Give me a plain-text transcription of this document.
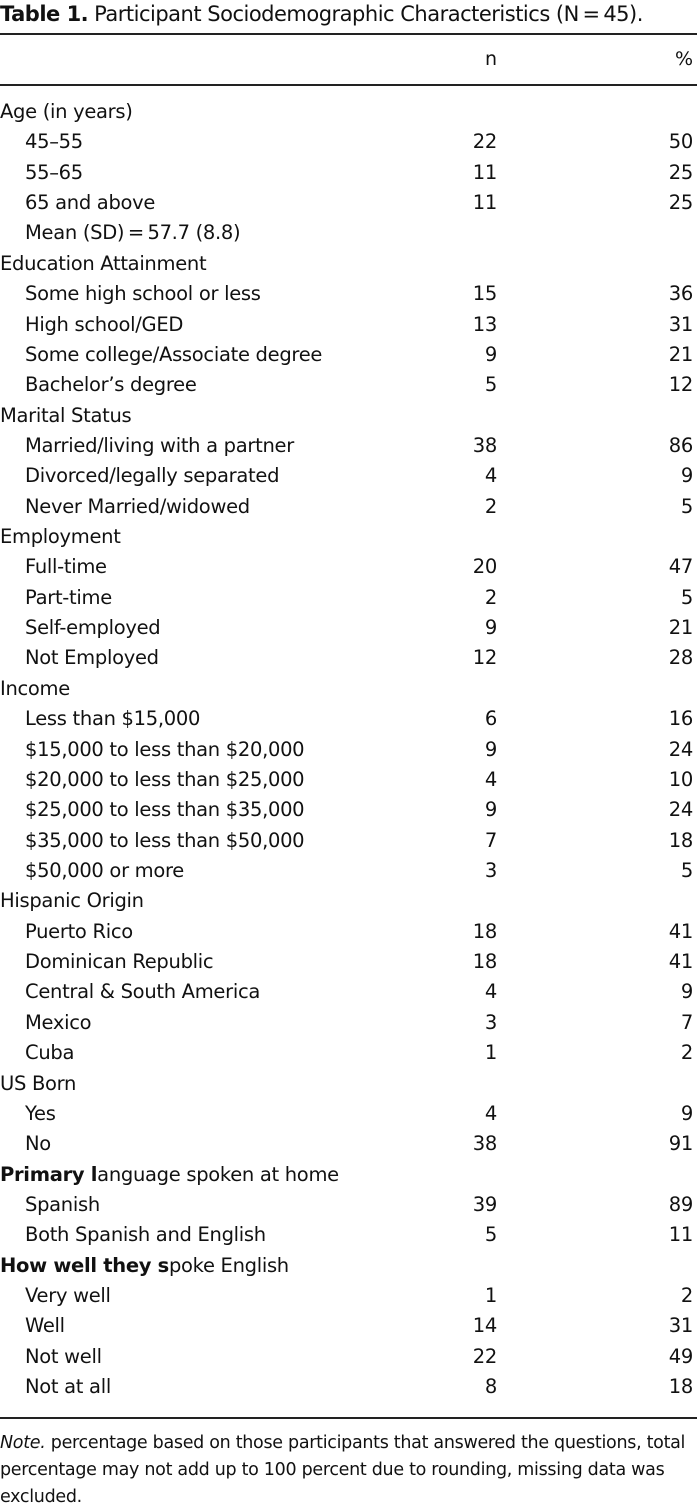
Table 1. Participant Sociodemographic Characteristics (N = 45).
n	%
Age (in years)
45–55	22	50
55–65	11	25
65 and above	11	25
Mean (SD) = 57.7 (8.8)
Education Attainment
Some high school or less	15	36
High school/GED	13	31
Some college/Associate degree	9	21
Bachelor’s degree	5	12
Marital Status
Married/living with a partner	38	86
Divorced/legally separated	4	9
Never Married/widowed	2	5
Employment
Full-time	20	47
Part-time	2	5
Self-employed	9	21
Not Employed	12	28
Income
Less than $15,000	6	16
$15,000 to less than $20,000	9	24
$20,000 to less than $25,000	4	10
$25,000 to less than $35,000	9	24
$35,000 to less than $50,000	7	18
$50,000 or more	3	5
Hispanic Origin
Puerto Rico	18	41
Dominican Republic	18	41
Central & South America	4	9
Mexico	3	7
Cuba	1	2
US Born
Yes	4	9
No	38	91
Primary language spoken at home
Spanish	39	89
Both Spanish and English	5	11
How well they spoke English
Very well	1	2
Well	14	31
Not well	22	49
Not at all	8	18
Note. percentage based on those participants that answered the questions, total percentage may not add up to 100 percent due to rounding, missing data was excluded.
